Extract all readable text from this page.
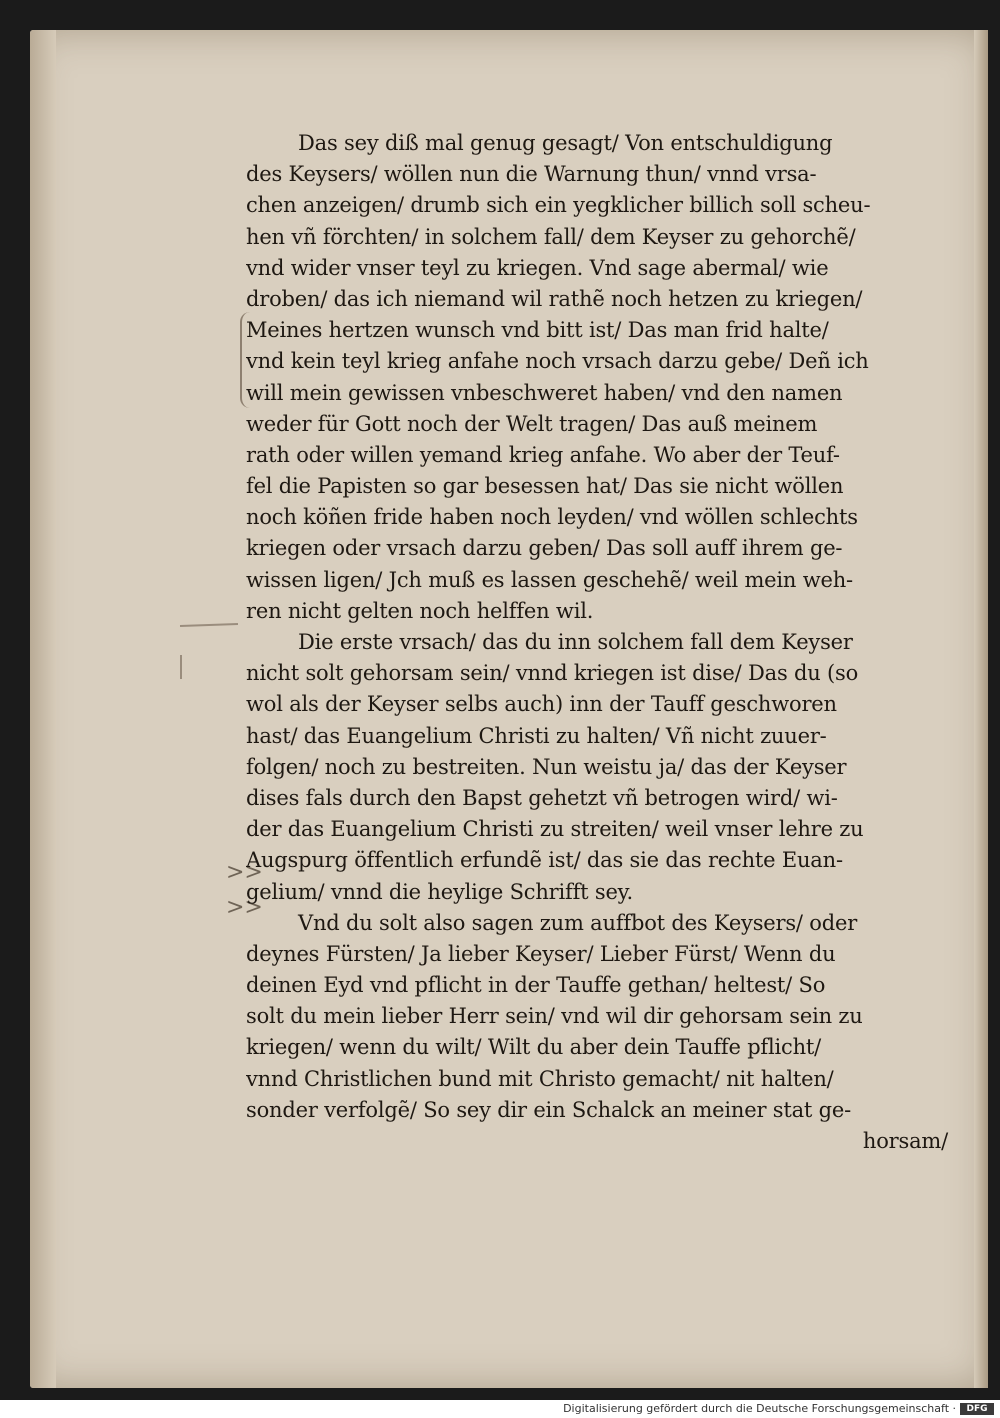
>>
>>
Das sey diß mal genug gesagt/ Von entschuldigung
des Keysers/ wöllen nun die Warnung thun/ vnnd vrsa-
chen anzeigen/ drumb sich ein yegklicher billich soll scheu-
hen vñ förchten/ in solchem fall/ dem Keyser zu gehorchẽ/
vnd wider vnser teyl zu kriegen. Vnd sage abermal/ wie
droben/ das ich niemand wil rathẽ noch hetzen zu kriegen/
Meines hertzen wunsch vnd bitt ist/ Das man frid halte/
vnd kein teyl krieg anfahe noch vrsach darzu gebe/ Deñ ich
will mein gewissen vnbeschweret haben/ vnd den namen
weder für Gott noch der Welt tragen/ Das auß meinem
rath oder willen yemand krieg anfahe. Wo aber der Teuf-
fel die Papisten so gar besessen hat/ Das sie nicht wöllen
noch köñen fride haben noch leyden/ vnd wöllen schlechts
kriegen oder vrsach darzu geben/ Das soll auff ihrem ge-
wissen ligen/ Jch muß es lassen geschehẽ/ weil mein weh-
ren nicht gelten noch helffen wil.
Die erste vrsach/ das du inn solchem fall dem Keyser
nicht solt gehorsam sein/ vnnd kriegen ist dise/ Das du (so
wol als der Keyser selbs auch) inn der Tauff geschworen
hast/ das Euangelium Christi zu halten/ Vñ nicht zuuer-
folgen/ noch zu bestreiten. Nun weistu ja/ das der Keyser
dises fals durch den Bapst gehetzt vñ betrogen wird/ wi-
der das Euangelium Christi zu streiten/ weil vnser lehre zu
Augspurg öffentlich erfundẽ ist/ das sie das rechte Euan-
gelium/ vnnd die heylige Schrifft sey.
Vnd du solt also sagen zum auffbot des Keysers/ oder
deynes Fürsten/ Ja lieber Keyser/ Lieber Fürst/ Wenn du
deinen Eyd vnd pflicht in der Tauffe gethan/ heltest/ So
solt du mein lieber Herr sein/ vnd wil dir gehorsam sein zu
kriegen/ wenn du wilt/ Wilt du aber dein Tauffe pflicht/
vnnd Christlichen bund mit Christo gemacht/ nit halten/
sonder verfolgẽ/ So sey dir ein Schalck an meiner stat ge-
horsam/
Digitalisierung gefördert durch die Deutsche Forschungsgemeinschaft ·	DFG
